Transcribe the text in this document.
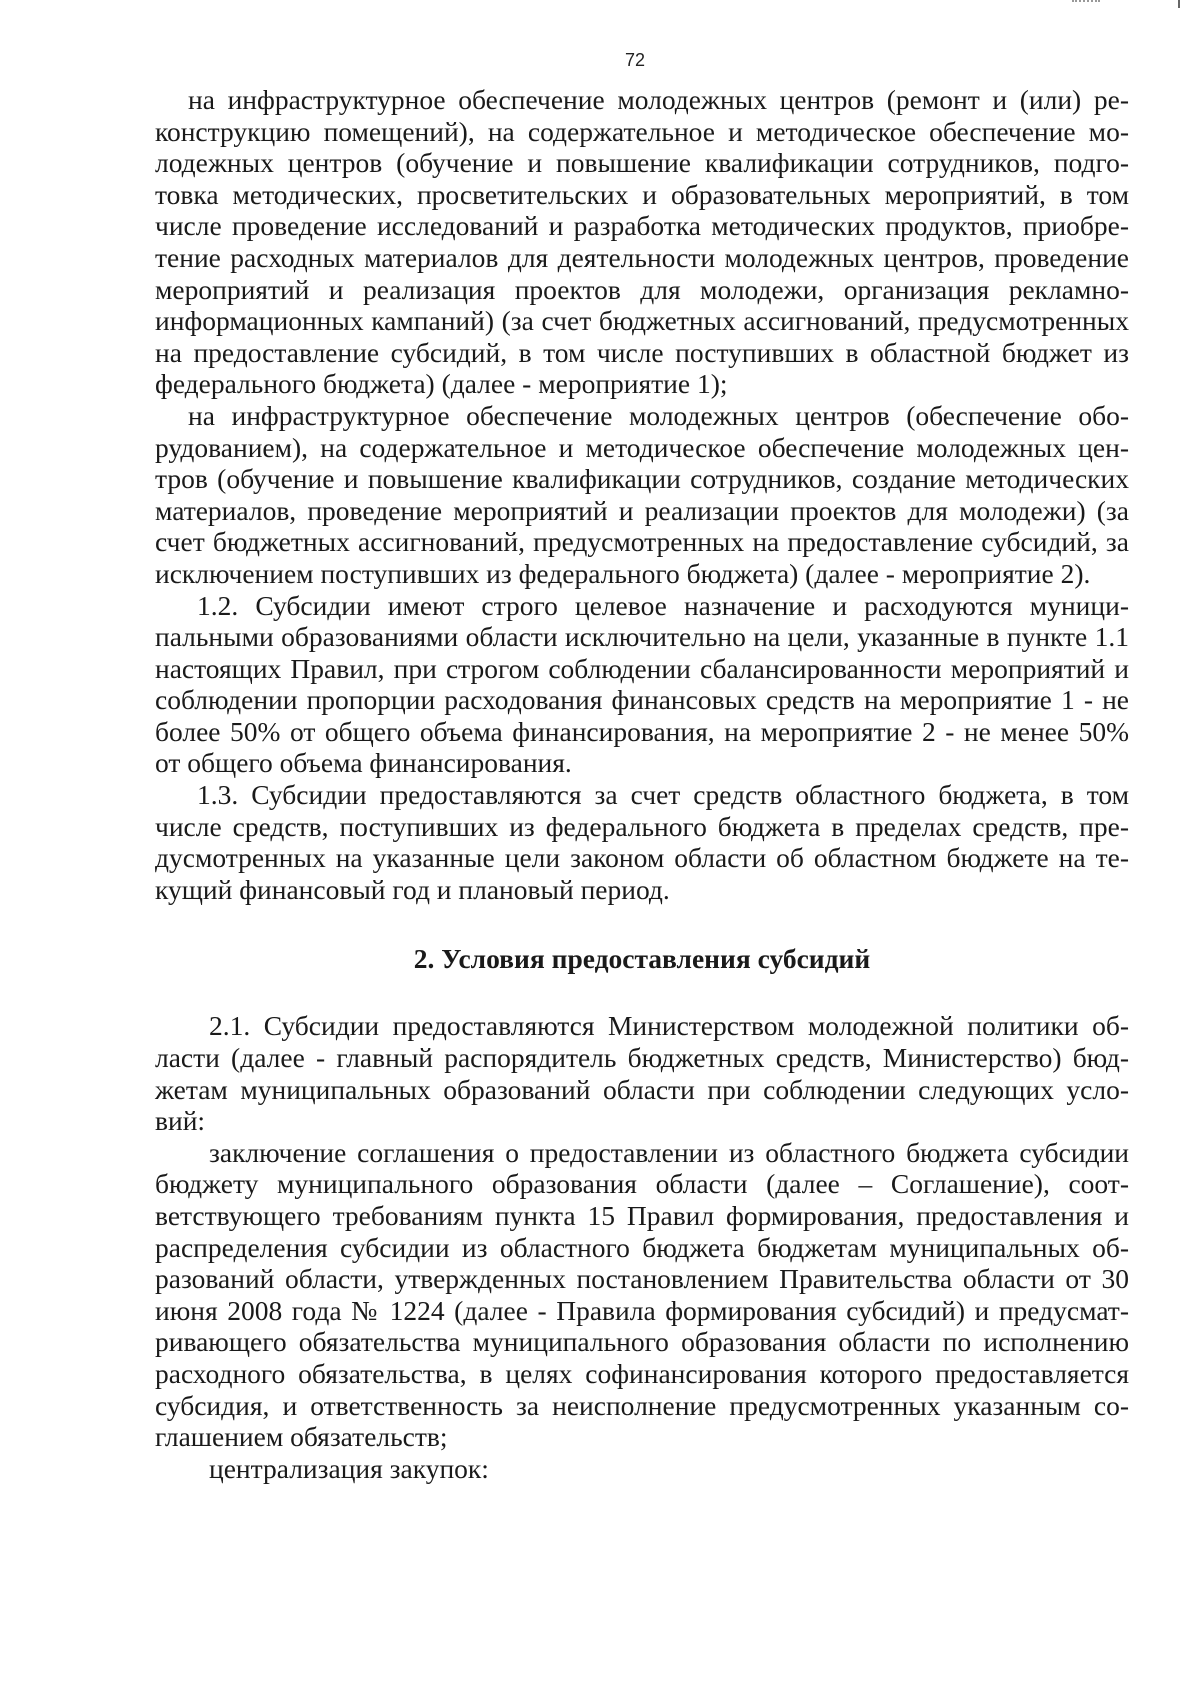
72

на инфраструктурное обеспечение молодежных центров (ремонт и (или) реконструкцию помещений), на содержательное и методическое обеспечение молодежных центров (обучение и повышение квалификации сотрудников, подготовка методических, просветительских и образовательных мероприятий, в том числе проведение исследований и разработка методических продуктов, приобретение расходных материалов для деятельности молодежных центров, проведение мероприятий и реализация проектов для молодежи, организация рекламно-информационных кампаний) (за счет бюджетных ассигнований, предусмотренных на предоставление субсидий, в том числе поступивших в областной бюджет из федерального бюджета) (далее - мероприятие 1);

на инфраструктурное обеспечение молодежных центров (обеспечение оборудованием), на содержательное и методическое обеспечение молодежных центров (обучение и повышение квалификации сотрудников, создание методических материалов, проведение мероприятий и реализации проектов для молодежи) (за счет бюджетных ассигнований, предусмотренных на предоставление субсидий, за исключением поступивших из федерального бюджета) (далее - мероприятие 2).

1.2. Субсидии имеют строго целевое назначение и расходуются муниципальными образованиями области исключительно на цели, указанные в пункте 1.1 настоящих Правил, при строгом соблюдении сбалансированности мероприятий и соблюдении пропорции расходования финансовых средств на мероприятие 1 - не более 50% от общего объема финансирования, на мероприятие 2 - не менее 50% от общего объема финансирования.

1.3. Субсидии предоставляются за счет средств областного бюджета, в том числе средств, поступивших из федерального бюджета в пределах средств, предусмотренных на указанные цели законом области об областном бюджете на текущий финансовый год и плановый период.

2. Условия предоставления субсидий

2.1. Субсидии предоставляются Министерством молодежной политики области (далее - главный распорядитель бюджетных средств, Министерство) бюджетам муниципальных образований области при соблюдении следующих условий:

заключение соглашения о предоставлении из областного бюджета субсидии бюджету муниципального образования области (далее – Соглашение), соответствующего требованиям пункта 15 Правил формирования, предоставления и распределения субсидии из областного бюджета бюджетам муниципальных образований области, утвержденных постановлением Правительства области от 30 июня 2008 года № 1224 (далее - Правила формирования субсидий) и предусматривающего обязательства муниципального образования области по исполнению расходного обязательства, в целях софинансирования которого предоставляется субсидия, и ответственность за неисполнение предусмотренных указанным соглашением обязательств;

централизация закупок:
